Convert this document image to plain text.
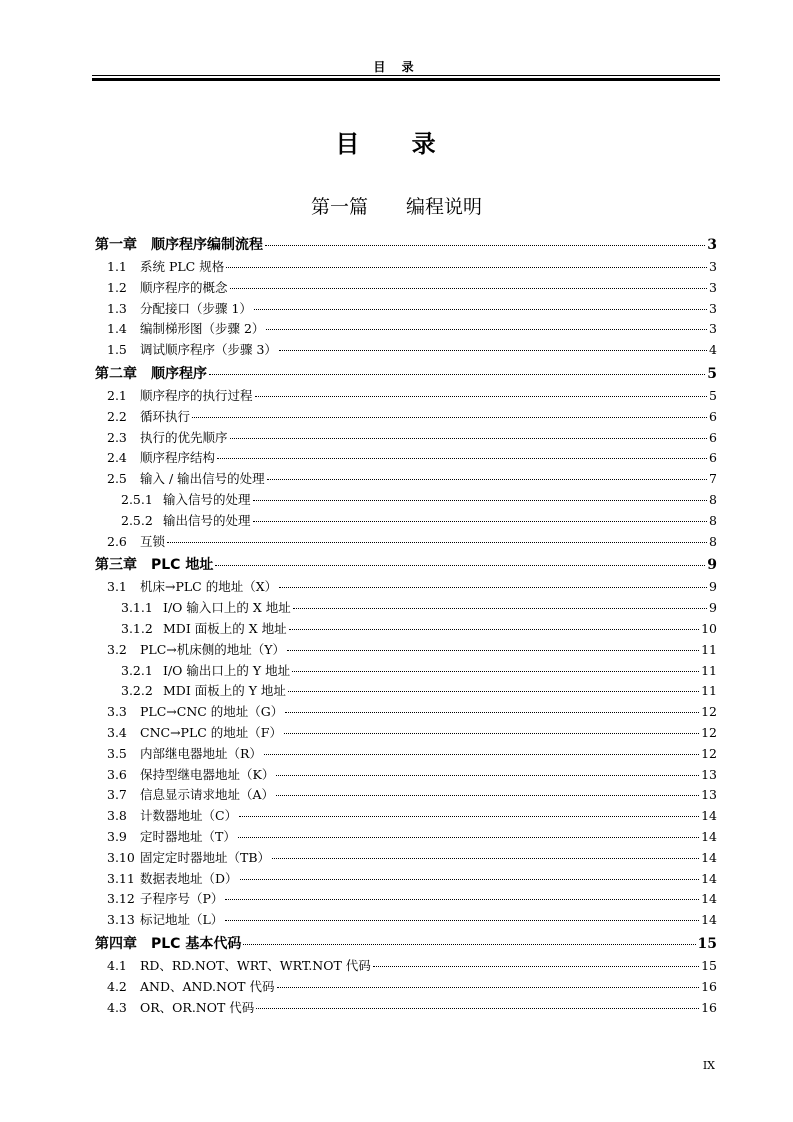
目 录
目 录
第一篇　　编程说明
第一章 顺序程序编制流程	3
1.1	系统 PLC 规格	3
1.2	顺序程序的概念	3
1.3	分配接口（步骤 1）	3
1.4	编制梯形图（步骤 2）	3
1.5	调试顺序程序（步骤 3）	4
第二章 顺序程序	5
2.1	顺序程序的执行过程	5
2.2	循环执行	6
2.3	执行的优先顺序	6
2.4	顺序程序结构	6
2.5	输入 / 输出信号的处理	7
2.5.1 输入信号的处理	8
2.5.2 输出信号的处理	8
2.6	互锁	8
第三章 PLC 地址	9
3.1	机床→PLC 的地址（X）	9
3.1.1 I/O 输入口上的 X 地址	9
3.1.2 MDI 面板上的 X 地址	10
3.2	PLC→机床侧的地址（Y）	11
3.2.1 I/O 输出口上的 Y 地址	11
3.2.2 MDI 面板上的 Y 地址	11
3.3	PLC→CNC 的地址（G）	12
3.4	CNC→PLC 的地址（F）	12
3.5	内部继电器地址（R）	12
3.6	保持型继电器地址（K）	13
3.7	信息显示请求地址（A）	13
3.8	计数器地址（C）	14
3.9	定时器地址（T）	14
3.10 固定定时器地址（TB）	14
3.11 数据表地址（D）	14
3.12 子程序号（P）	14
3.13 标记地址（L）	14
第四章 PLC 基本代码	15
4.1	RD、RD.NOT、WRT、WRT.NOT 代码	15
4.2	AND、AND.NOT 代码	16
4.3	OR、OR.NOT 代码	16
IX
